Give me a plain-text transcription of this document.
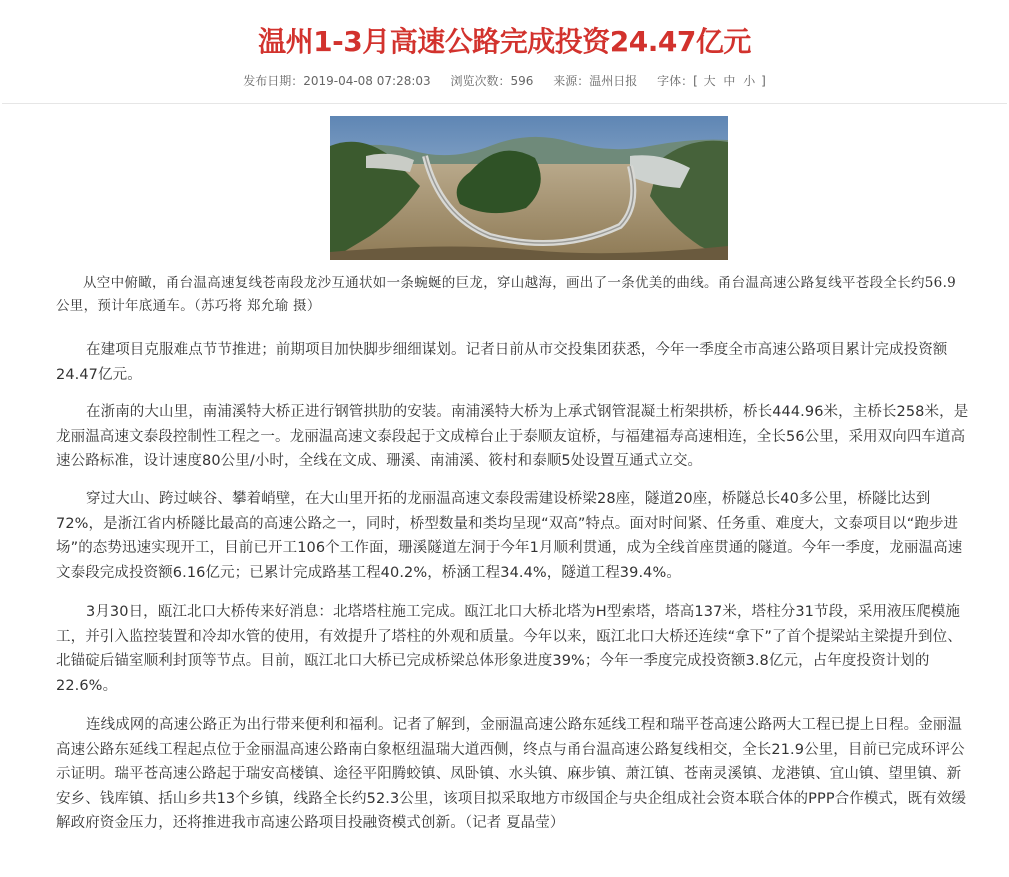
温州1-3月高速公路完成投资24.47亿元
发布日期：2019-04-08 07:28:03 浏览次数：596 来源：温州日报 字体：[ 大 中 小 ]
从空中俯瞰，甬台温高速复线苍南段龙沙互通状如一条蜿蜒的巨龙，穿山越海，画出了一条优美的曲线。甬台温高速公路复线平苍段全长约56.9公里，预计年底通车。（苏巧将 郑允瑜 摄）
在建项目克服难点节节推进；前期项目加快脚步细细谋划。记者日前从市交投集团获悉，今年一季度全市高速公路项目累计完成投资额24.47亿元。
在浙南的大山里，南浦溪特大桥正进行钢管拱肋的安装。南浦溪特大桥为上承式钢管混凝土桁架拱桥，桥长444.96米，主桥长258米，是龙丽温高速文泰段控制性工程之一。龙丽温高速文泰段起于文成樟台止于泰顺友谊桥，与福建福寿高速相连，全长56公里，采用双向四车道高速公路标准，设计速度80公里/小时，全线在文成、珊溪、南浦溪、筱村和泰顺5处设置互通式立交。
穿过大山、跨过峡谷、攀着峭壁，在大山里开拓的龙丽温高速文泰段需建设桥梁28座，隧道20座，桥隧总长40多公里，桥隧比达到72%，是浙江省内桥隧比最高的高速公路之一，同时，桥型数量和类均呈现“双高”特点。面对时间紧、任务重、难度大，文泰项目以“跑步进场”的态势迅速实现开工，目前已开工106个工作面，珊溪隧道左洞于今年1月顺利贯通，成为全线首座贯通的隧道。今年一季度，龙丽温高速文泰段完成投资额6.16亿元；已累计完成路基工程40.2%，桥涵工程34.4%，隧道工程39.4%。
3月30日，瓯江北口大桥传来好消息：北塔塔柱施工完成。瓯江北口大桥北塔为H型索塔，塔高137米，塔柱分31节段，采用液压爬模施工，并引入监控装置和冷却水管的使用，有效提升了塔柱的外观和质量。今年以来，瓯江北口大桥还连续“拿下”了首个提梁站主梁提升到位、北锚碇后锚室顺利封顶等节点。目前，瓯江北口大桥已完成桥梁总体形象进度39%；今年一季度完成投资额3.8亿元，占年度投资计划的22.6%。
连线成网的高速公路正为出行带来便利和福利。记者了解到，金丽温高速公路东延线工程和瑞平苍高速公路两大工程已提上日程。金丽温高速公路东延线工程起点位于金丽温高速公路南白象枢纽温瑞大道西侧，终点与甬台温高速公路复线相交，全长21.9公里，目前已完成环评公示证明。瑞平苍高速公路起于瑞安高楼镇、途径平阳腾蛟镇、凤卧镇、水头镇、麻步镇、萧江镇、苍南灵溪镇、龙港镇、宜山镇、望里镇、新安乡、钱库镇、括山乡共13个乡镇，线路全长约52.3公里，该项目拟采取地方市级国企与央企组成社会资本联合体的PPP合作模式，既有效缓解政府资金压力，还将推进我市高速公路项目投融资模式创新。（记者 夏晶莹）
